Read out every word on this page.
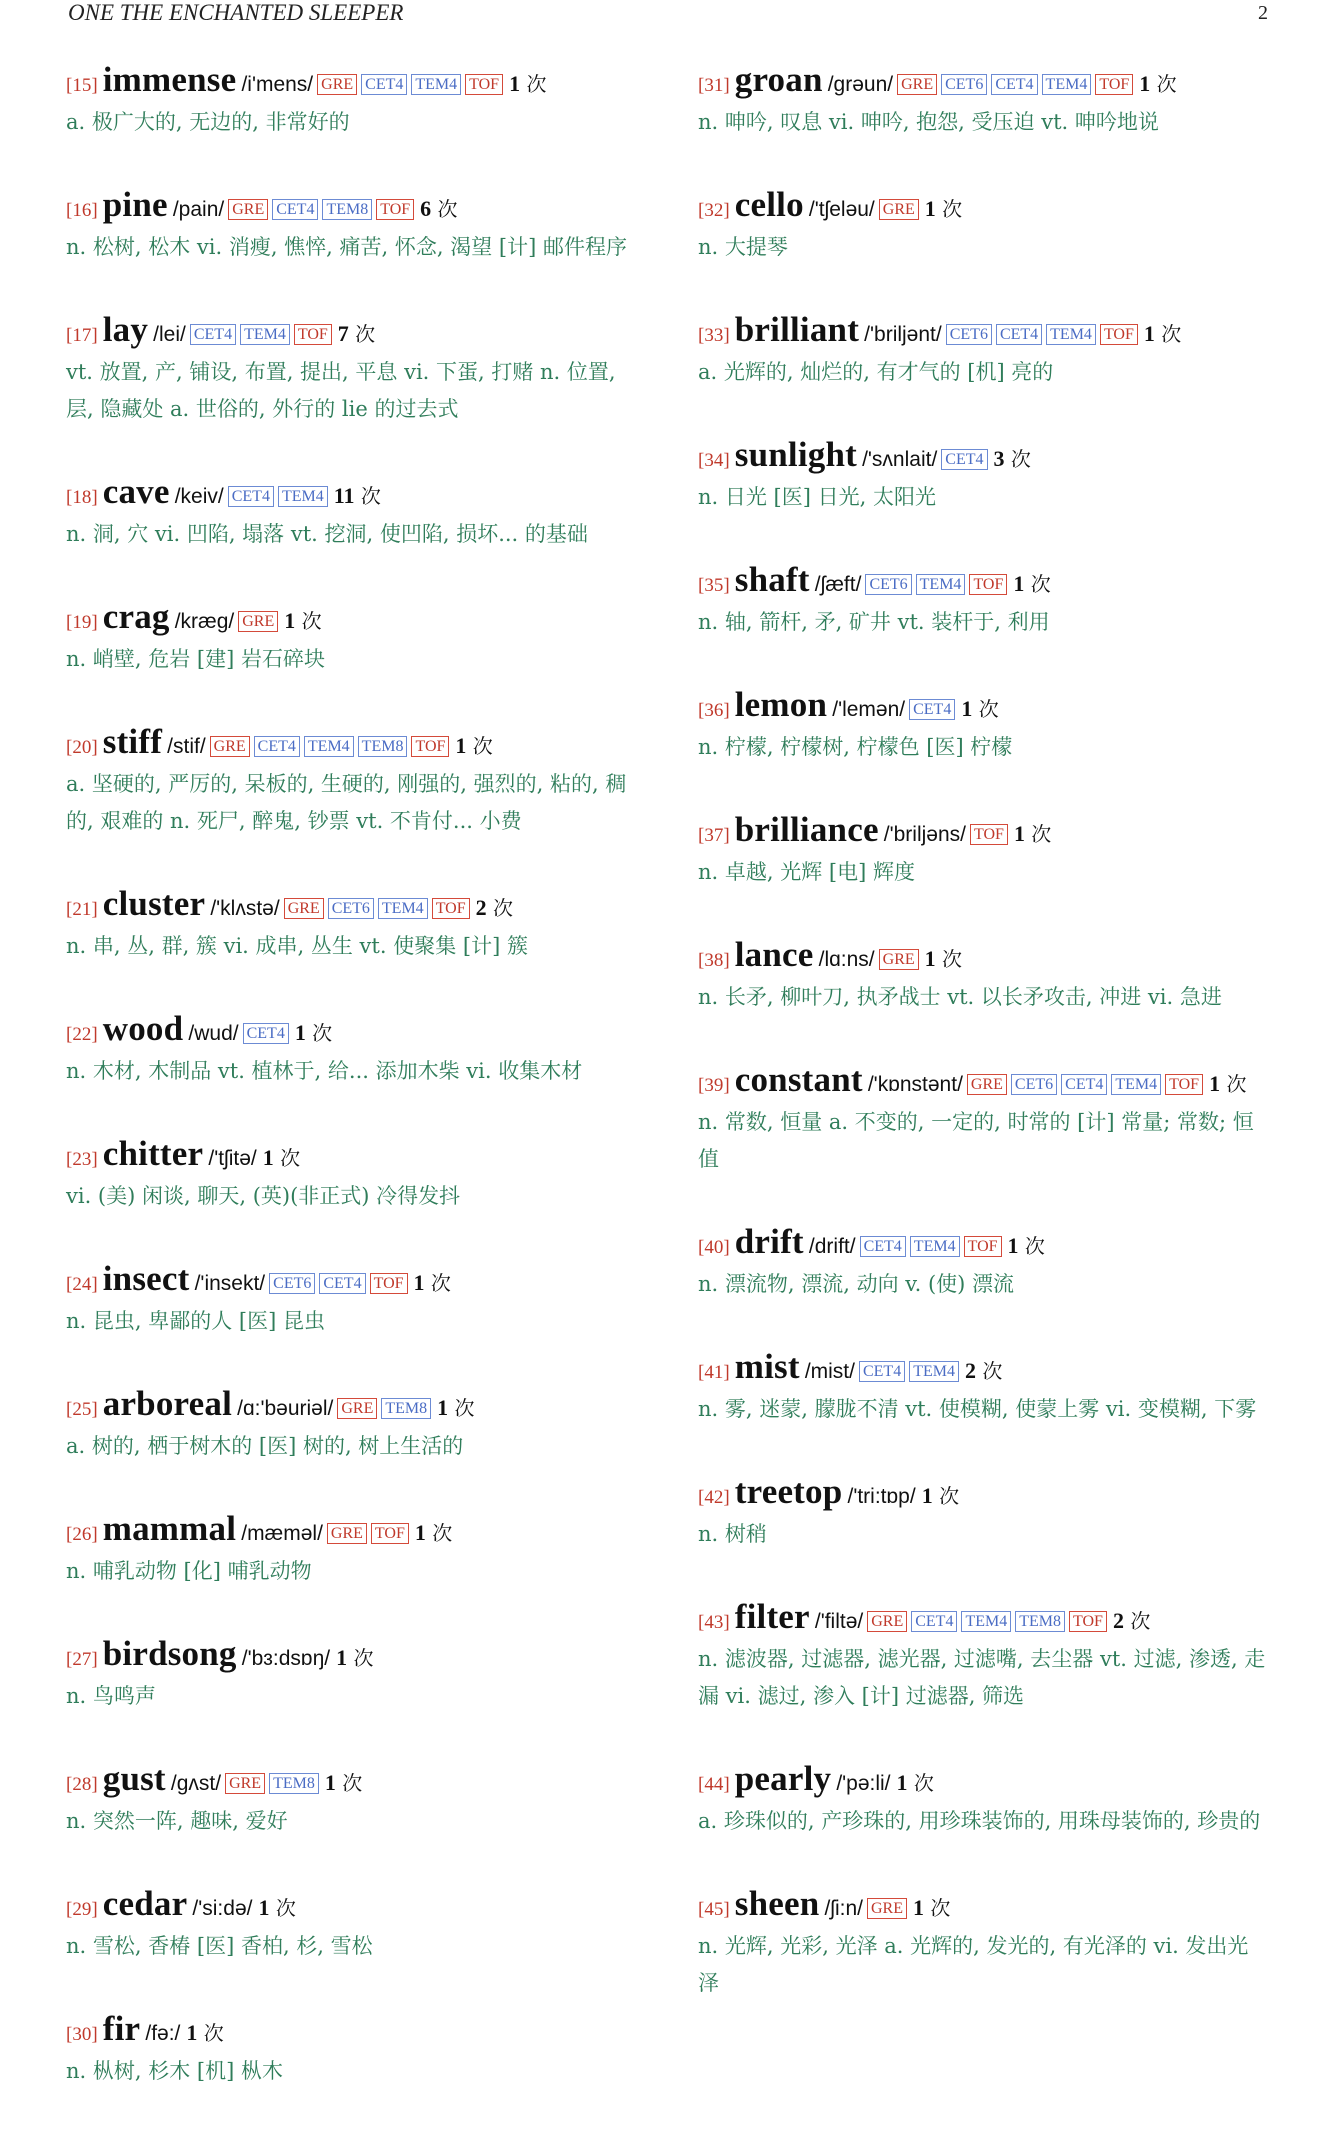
ONE THE ENCHANTED SLEEPER	2
[15] immense /i'mens/ GRE CET4 TEM4 TOF 1 次
a. 极广大的, 无边的, 非常好的
[16] pine /pain/ GRE CET4 TEM8 TOF 6 次
n. 松树, 松木 vi. 消瘦, 憔悴, 痛苦, 怀念, 渴望 [计] 邮件程序
[17] lay /lei/ CET4 TEM4 TOF 7 次
vt. 放置, 产, 铺设, 布置, 提出, 平息 vi. 下蛋, 打赌 n. 位置, 层, 隐藏处 a. 世俗的, 外行的 lie 的过去式
[18] cave /keiv/ CET4 TEM4 11 次
n. 洞, 穴 vi. 凹陷, 塌落 vt. 挖洞, 使凹陷, 损坏... 的基础
[19] crag /kræg/ GRE 1 次
n. 峭壁, 危岩 [建] 岩石碎块
[20] stiff /stif/ GRE CET4 TEM4 TEM8 TOF 1 次
a. 坚硬的, 严厉的, 呆板的, 生硬的, 刚强的, 强烈的, 粘的, 稠的, 艰难的 n. 死尸, 醉鬼, 钞票 vt. 不肯付... 小费
[21] cluster /'klʌstə/ GRE CET6 TEM4 TOF 2 次
n. 串, 丛, 群, 簇 vi. 成串, 丛生 vt. 使聚集 [计] 簇
[22] wood /wud/ CET4 1 次
n. 木材, 木制品 vt. 植林于, 给... 添加木柴 vi. 收集木材
[23] chitter /'tʃitə/ 1 次
vi. (美) 闲谈, 聊天, (英)(非正式) 冷得发抖
[24] insect /'insekt/ CET6 CET4 TOF 1 次
n. 昆虫, 卑鄙的人 [医] 昆虫
[25] arboreal /ɑ:'bəuriəl/ GRE TEM8 1 次
a. 树的, 栖于树木的 [医] 树的, 树上生活的
[26] mammal /mæməl/ GRE TOF 1 次
n. 哺乳动物 [化] 哺乳动物
[27] birdsong /'bɜ:dsɒŋ/ 1 次
n. 鸟鸣声
[28] gust /gʌst/ GRE TEM8 1 次
n. 突然一阵, 趣味, 爱好
[29] cedar /'si:də/ 1 次
n. 雪松, 香椿 [医] 香柏, 杉, 雪松
[30] fir /fə:/ 1 次
n. 枞树, 杉木 [机] 枞木
[31] groan /grəun/ GRE CET6 CET4 TEM4 TOF 1 次
n. 呻吟, 叹息 vi. 呻吟, 抱怨, 受压迫 vt. 呻吟地说
[32] cello /'tʃeləu/ GRE 1 次
n. 大提琴
[33] brilliant /'briljənt/ CET6 CET4 TEM4 TOF 1 次
a. 光辉的, 灿烂的, 有才气的 [机] 亮的
[34] sunlight /'sʌnlait/ CET4 3 次
n. 日光 [医] 日光, 太阳光
[35] shaft /ʃæft/ CET6 TEM4 TOF 1 次
n. 轴, 箭杆, 矛, 矿井 vt. 装杆于, 利用
[36] lemon /'lemən/ CET4 1 次
n. 柠檬, 柠檬树, 柠檬色 [医] 柠檬
[37] brilliance /'briljəns/ TOF 1 次
n. 卓越, 光辉 [电] 辉度
[38] lance /lɑ:ns/ GRE 1 次
n. 长矛, 柳叶刀, 执矛战士 vt. 以长矛攻击, 冲进 vi. 急进
[39] constant /'kɒnstənt/ GRE CET6 CET4 TEM4 TOF 1 次
n. 常数, 恒量 a. 不变的, 一定的, 时常的 [计] 常量; 常数; 恒值
[40] drift /drift/ CET4 TEM4 TOF 1 次
n. 漂流物, 漂流, 动向 v. (使) 漂流
[41] mist /mist/ CET4 TEM4 2 次
n. 雾, 迷蒙, 朦胧不清 vt. 使模糊, 使蒙上雾 vi. 变模糊, 下雾
[42] treetop /'tri:tɒp/ 1 次
n. 树稍
[43] filter /'filtə/ GRE CET4 TEM4 TEM8 TOF 2 次
n. 滤波器, 过滤器, 滤光器, 过滤嘴, 去尘器 vt. 过滤, 渗透, 走漏 vi. 滤过, 渗入 [计] 过滤器, 筛选
[44] pearly /'pə:li/ 1 次
a. 珍珠似的, 产珍珠的, 用珍珠装饰的, 用珠母装饰的, 珍贵的
[45] sheen /ʃi:n/ GRE 1 次
n. 光辉, 光彩, 光泽 a. 光辉的, 发光的, 有光泽的 vi. 发出光泽
